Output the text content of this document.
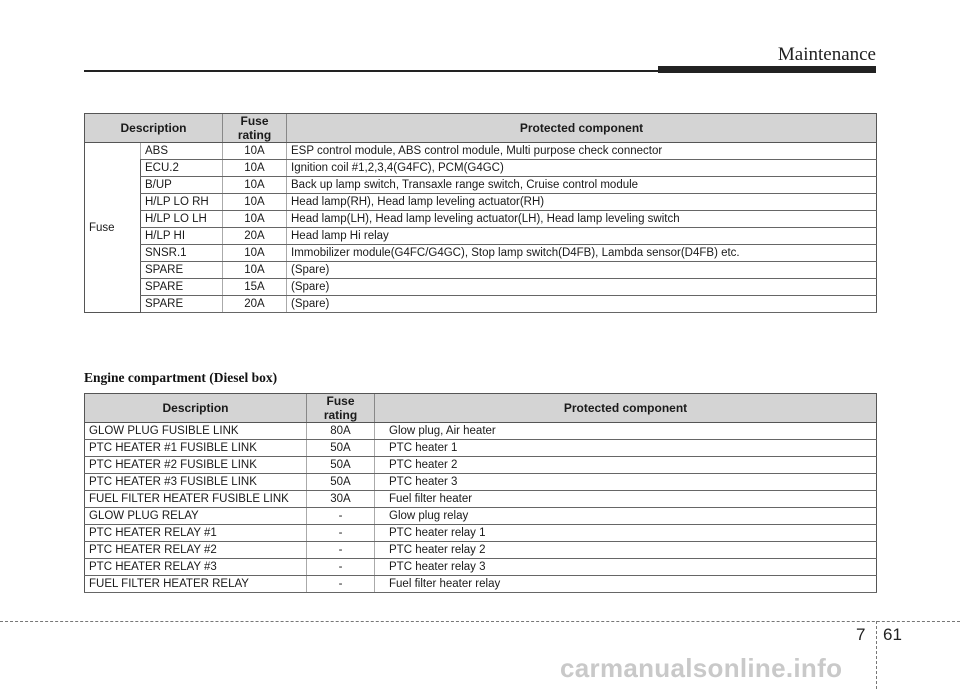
Maintenance
Description		Fuse rating	Protected component
Fuse	ABS	10A	ESP control module, ABS control module, Multi purpose check connector
	ECU.2	10A	Ignition coil #1,2,3,4(G4FC), PCM(G4GC)
	B/UP	10A	Back up lamp switch, Transaxle range switch, Cruise control module
	H/LP LO RH	10A	Head lamp(RH), Head lamp leveling actuator(RH)
	H/LP LO LH	10A	Head lamp(LH), Head lamp leveling actuator(LH), Head lamp leveling switch
	H/LP HI	20A	Head lamp Hi relay
	SNSR.1	10A	Immobilizer module(G4FC/G4GC), Stop lamp switch(D4FB), Lambda sensor(D4FB) etc.
	SPARE	10A	(Spare)
	SPARE	15A	(Spare)
	SPARE	20A	(Spare)
Engine compartment (Diesel box)
Description	Fuse rating	Protected component
GLOW PLUG FUSIBLE LINK	80A	Glow plug, Air heater
PTC HEATER #1 FUSIBLE LINK	50A	PTC heater 1
PTC HEATER #2 FUSIBLE LINK	50A	PTC heater 2
PTC HEATER #3 FUSIBLE LINK	50A	PTC heater 3
FUEL FILTER HEATER FUSIBLE LINK	30A	Fuel filter heater
GLOW PLUG RELAY	-	Glow plug relay
PTC HEATER RELAY #1	-	PTC heater relay 1
PTC HEATER RELAY #2	-	PTC heater relay 2
PTC HEATER RELAY #3	-	PTC heater relay 3
FUEL FILTER HEATER RELAY	-	Fuel filter heater relay
7 61
carmanualsonline.info
